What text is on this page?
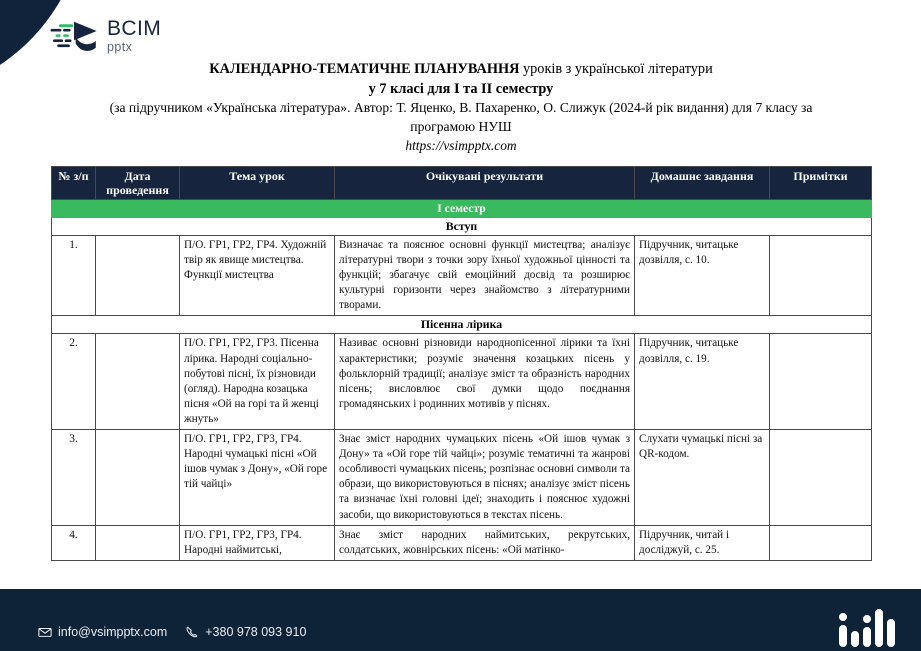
BCIM
pptx
КАЛЕНДАРНО-ТЕМАТИЧНЕ ПЛАНУВАННЯ уроків з української літератури
у 7 класі для I та II семестру
(за підручником «Українська література». Автор: Т. Яценко, В. Пахаренко, О. Слижук (2024-й рік видання) для 7 класу за
програмою НУШ
https://vsimpptx.com
№ з/п	Дата проведення	Тема урок	Очікувані результати	Домашнє завдання	Примітки
I семестр					
Вступ					
1.		П/О. ГР1, ГР2, ГР4. Художній твір як явище мистецтва. Функції мистецтва	Визначає та пояснює основні функції мистецтва; аналізує літературні твори з точки зору їхньої художньої цінності та функцій; збагачує свій емоційний досвід та розширює культурні горизонти через знайомство з літературними творами.	Підручник, читацьке дозвілля, с. 10.	
Пісенна лірика					
2.		П/О. ГР1, ГР2, ГР3. Пісенна лірика. Народні соціально-побутові пісні, їх різновиди (огляд). Народна козацька пісня «Ой на горі та й женці жнуть»	Називає основні різновиди народнопісенної лірики та їхні характеристики; розуміє значення козацьких пісень у фольклорній традиції; аналізує зміст та образність народних пісень; висловлює свої думки щодо поєднання громадянських і родинних мотивів у піснях.	Підручник, читацьке дозвілля, с. 19.	
3.		П/О. ГР1, ГР2, ГР3, ГР4. Народні чумацькі пісні «Ой ішов чумак з Дону», «Ой горе тій чайці»	Знає зміст народних чумацьких пісень «Ой ішов чумак з Дону» та «Ой горе тій чайці»; розуміє тематичні та жанрові особливості чумацьких пісень; розпізнає основні символи та образи, що використовуються в піснях; аналізує зміст пісень та визначає їхні головні ідеї; знаходить і пояснює художні засоби, що використовуються в текстах пісень.	Слухати чумацькі пісні за QR-кодом.	
4.		П/О. ГР1, ГР2, ГР3, ГР4. Народні наймитські,	Знає зміст народних наймитських, рекрутських, солдатських, жовнірських пісень: «Ой матінко-	Підручник, читай і досліджуй, с. 25.	
info@vsimpptx.com	+380 978 093 910
